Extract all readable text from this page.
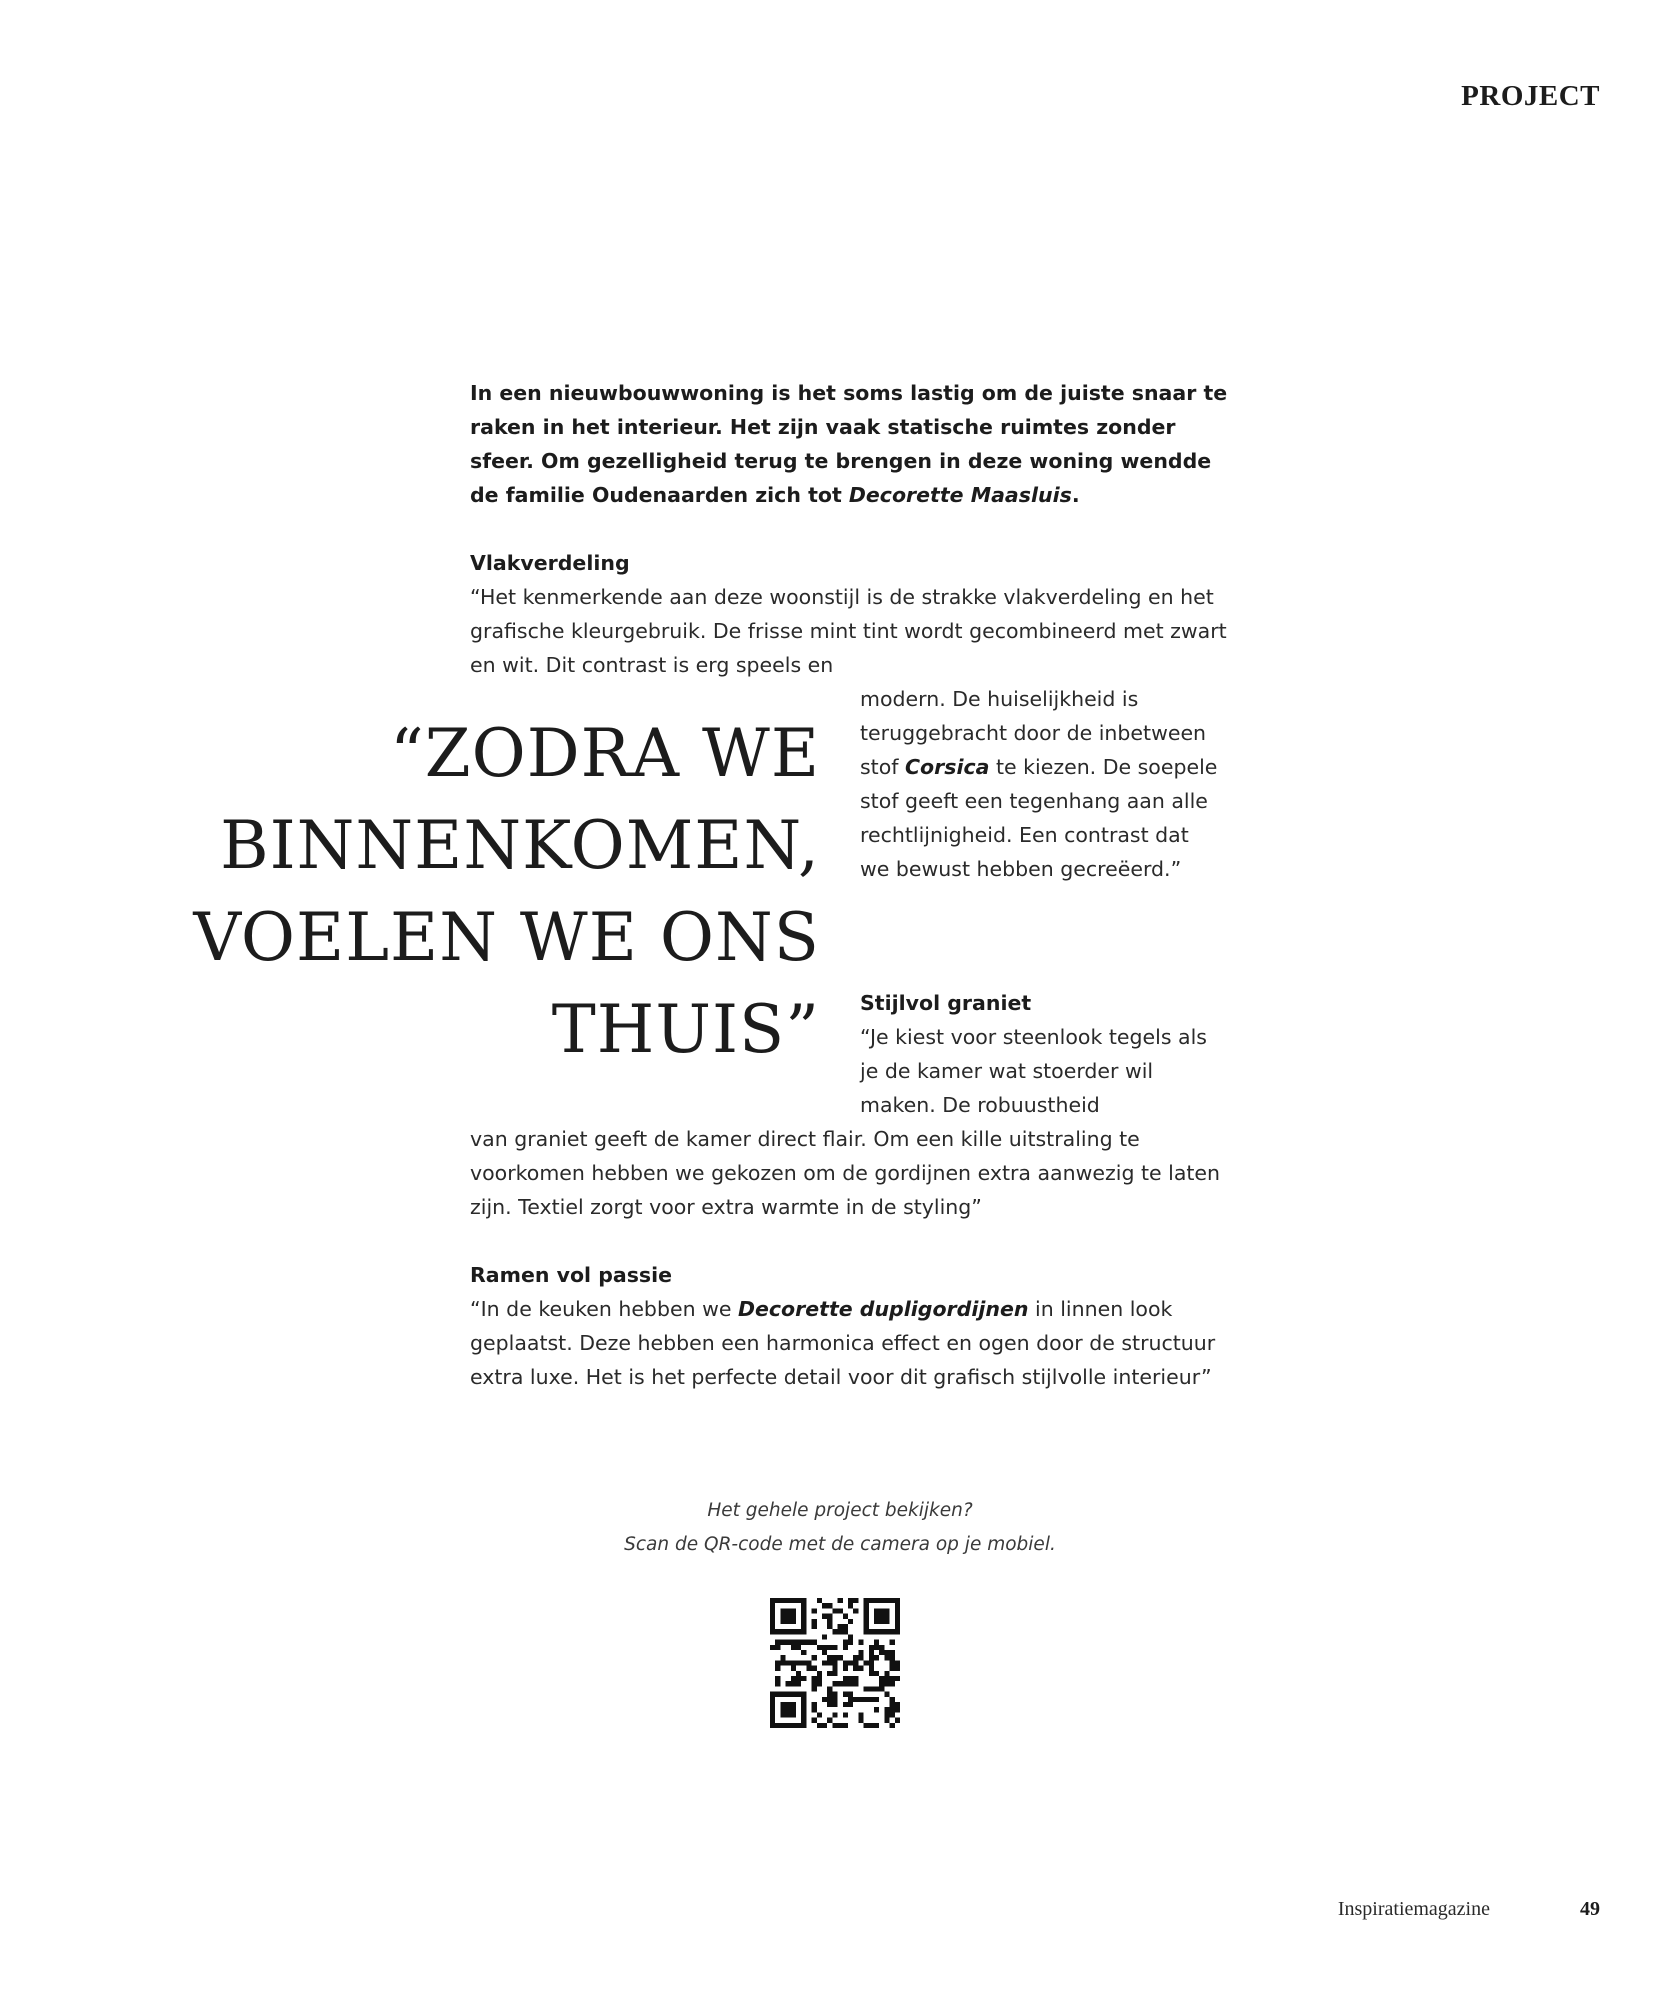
PROJECT

In een nieuwbouwwoning is het soms lastig om de juiste snaar te raken in het interieur. Het zijn vaak statische ruimtes zonder sfeer. Om gezelligheid terug te brengen in deze woning wendde de familie Oudenaarden zich tot Decorette Maasluis.

Vlakverdeling

“Het kenmerkende aan deze woonstijl is de strakke vlakverdeling en het grafische kleurgebruik. De frisse mint tint wordt gecombineerd met zwart en wit. Dit contrast is erg speels en

modern. De huiselijkheid is teruggebracht door de inbetween stof Corsica te kiezen. De soepele stof geeft een tegenhang aan alle rechtlijnigheid. Een contrast dat we bewust hebben gecreëerd.”

“ZODRA WE
BINNENKOMEN,
VOELEN WE ONS
THUIS” Stijlvol graniet

“Je kiest voor steenlook tegels als je de kamer wat stoerder wil maken. De robuustheid

van graniet geeft de kamer direct flair. Om een kille uitstraling te voorkomen hebben we gekozen om de gordijnen extra aanwezig te laten zijn. Textiel zorgt voor extra warmte in de styling”

Ramen vol passie

“In de keuken hebben we Decorette dupligordijnen in linnen look geplaatst. Deze hebben een harmonica effect en ogen door de structuur extra luxe. Het is het perfecte detail voor dit grafisch stijlvolle interieur”

Het gehele project bekijken?
Scan de QR-code met de camera op je mobiel.
Inspiratiemagazine	49
